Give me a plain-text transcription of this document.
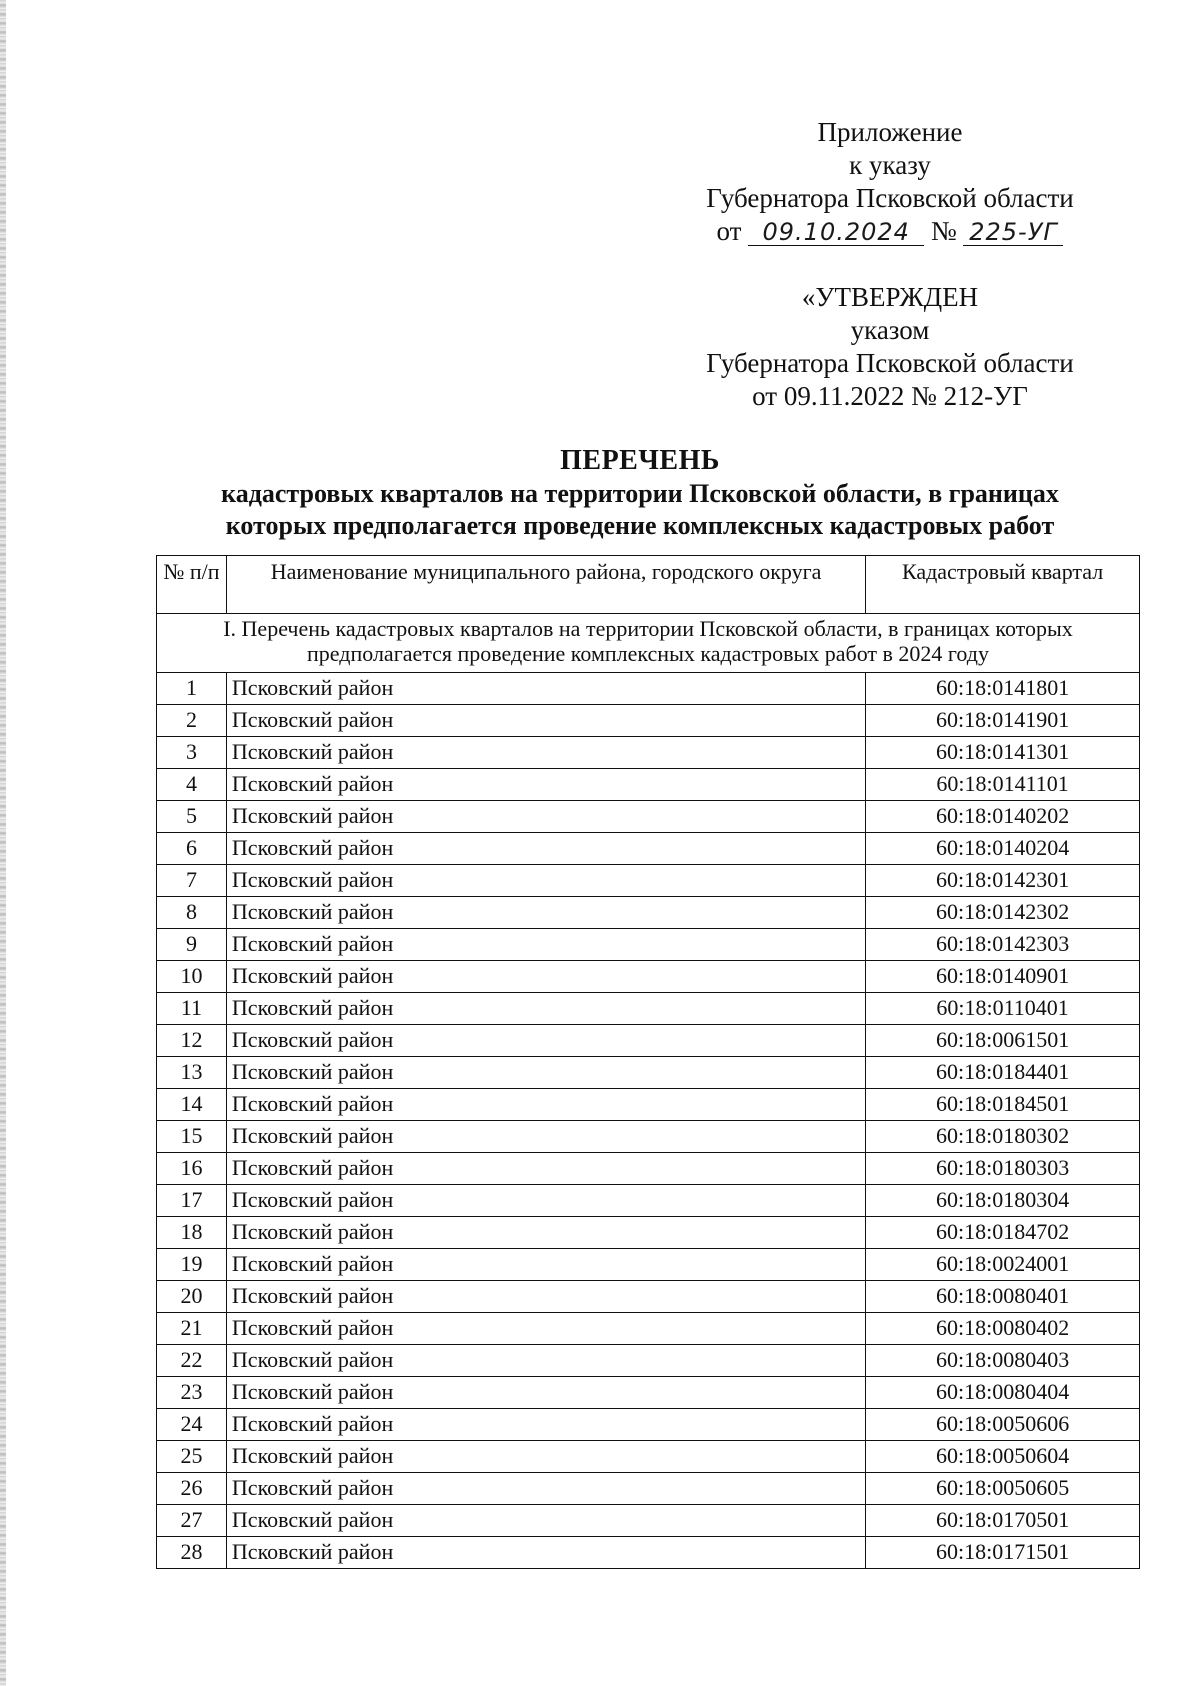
Приложение
к указу
Губернатора Псковской области
от 09.10.2024 № 225-УГ
«УТВЕРЖДЕН
указом
Губернатора Псковской области
от 09.11.2022 № 212-УГ
ПЕРЕЧЕНЬ
кадастровых кварталов на территории Псковской области, в границах
которых предполагается проведение комплексных кадастровых работ
№ п/п	Наименование муниципального района, городского округа	Кадастровый квартал
I. Перечень кадастровых кварталов на территории Псковской области, в границах которых предполагается проведение комплексных кадастровых работ в 2024 году		
1	Псковский район	60:18:0141801
2	Псковский район	60:18:0141901
3	Псковский район	60:18:0141301
4	Псковский район	60:18:0141101
5	Псковский район	60:18:0140202
6	Псковский район	60:18:0140204
7	Псковский район	60:18:0142301
8	Псковский район	60:18:0142302
9	Псковский район	60:18:0142303
10	Псковский район	60:18:0140901
11	Псковский район	60:18:0110401
12	Псковский район	60:18:0061501
13	Псковский район	60:18:0184401
14	Псковский район	60:18:0184501
15	Псковский район	60:18:0180302
16	Псковский район	60:18:0180303
17	Псковский район	60:18:0180304
18	Псковский район	60:18:0184702
19	Псковский район	60:18:0024001
20	Псковский район	60:18:0080401
21	Псковский район	60:18:0080402
22	Псковский район	60:18:0080403
23	Псковский район	60:18:0080404
24	Псковский район	60:18:0050606
25	Псковский район	60:18:0050604
26	Псковский район	60:18:0050605
27	Псковский район	60:18:0170501
28	Псковский район	60:18:0171501
